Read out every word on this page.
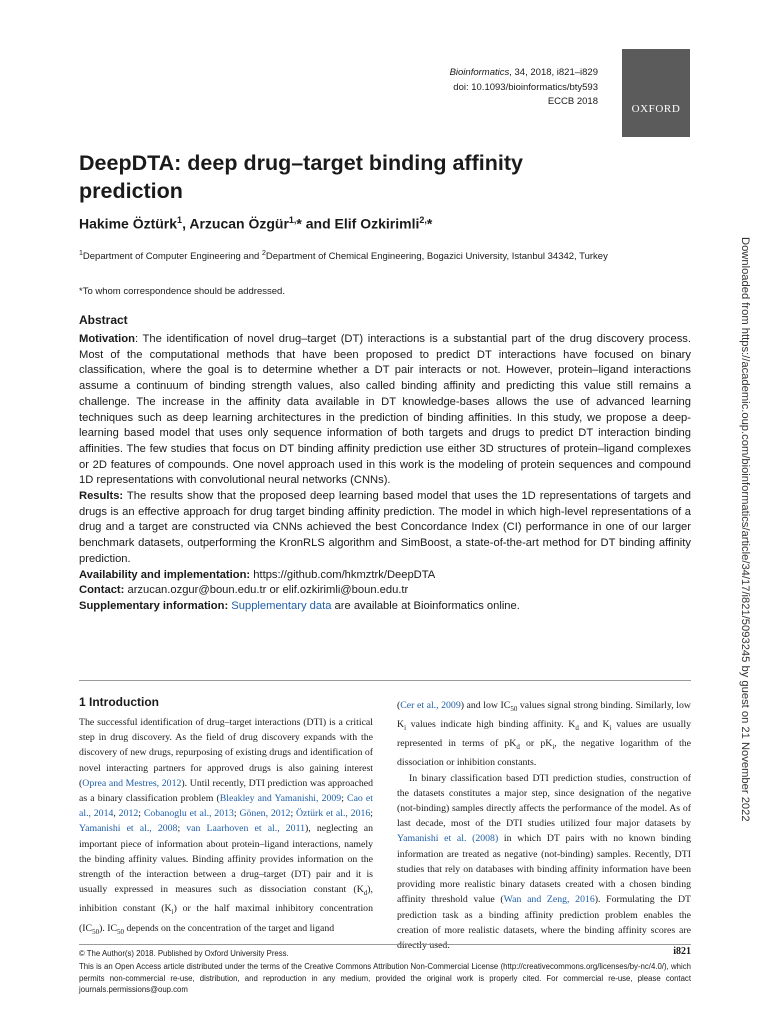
Bioinformatics, 34, 2018, i821–i829
doi: 10.1093/bioinformatics/bty593
ECCB 2018
OXFORD
DeepDTA: deep drug–target binding affinity prediction
Hakime Öztürk$^1$, Arzucan Özgür$^{1,}$* and Elif Ozkirimli$^{2,}$*
$^1$Department of Computer Engineering and $^2$Department of Chemical Engineering, Bogazici University, Istanbul 34342, Turkey
*To whom correspondence should be addressed.
Abstract

Motivation: The identification of novel drug–target (DT) interactions is a substantial part of the drug discovery process. Most of the computational methods that have been proposed to predict DT interactions have focused on binary classification, where the goal is to determine whether a DT pair interacts or not. However, protein–ligand interactions assume a continuum of binding strength values, also called binding affinity and predicting this value still remains a challenge. The increase in the affinity data available in DT knowledge-bases allows the use of advanced learning techniques such as deep learning architectures in the prediction of binding affinities. In this study, we propose a deep-learning based model that uses only sequence information of both targets and drugs to predict DT interaction binding affinities. The few studies that focus on DT binding affinity prediction use either 3D structures of protein–ligand complexes or 2D features of compounds. One novel approach used in this work is the modeling of protein sequences and compound 1D representations with convolutional neural networks (CNNs).

Results: The results show that the proposed deep learning based model that uses the 1D representations of targets and drugs is an effective approach for drug target binding affinity prediction. The model in which high-level representations of a drug and a target are constructed via CNNs achieved the best Concordance Index (CI) performance in one of our larger benchmark datasets, outperforming the KronRLS algorithm and SimBoost, a state-of-the-art method for DT binding affinity prediction.

Availability and implementation: https://github.com/hkmztrk/DeepDTA

Contact: arzucan.ozgur@boun.edu.tr or elif.ozkirimli@boun.edu.tr

Supplementary information: Supplementary data are available at Bioinformatics online.

1 Introduction

The successful identification of drug–target interactions (DTI) is a critical step in drug discovery. As the field of drug discovery expands with the discovery of new drugs, repurposing of existing drugs and identification of novel interacting partners for approved drugs is also gaining interest (Oprea and Mestres, 2012). Until recently, DTI prediction was approached as a binary classification problem (Bleakley and Yamanishi, 2009; Cao et al., 2014, 2012; Cobanoglu et al., 2013; Gönen, 2012; Öztürk et al., 2016; Yamanishi et al., 2008; van Laarhoven et al., 2011), neglecting an important piece of information about protein–ligand interactions, namely the binding affinity values. Binding affinity provides information on the strength of the interaction between a drug–target (DT) pair and it is usually expressed in measures such as dissociation constant $(K_d)$, inhibition constant $(K_i)$ or the half maximal inhibitory concentration $(IC_{50})$. $IC_{50}$ depends on the concentration of the target and ligand

(Cer et al., 2009) and low $IC_{50}$ values signal strong binding. Similarly, low $K_i$ values indicate high binding affinity. $K_d$ and $K_i$ values are usually represented in terms of $pK_d$ or $pK_i$, the negative logarithm of the dissociation or inhibition constants.

In binary classification based DTI prediction studies, construction of the datasets constitutes a major step, since designation of the negative (not-binding) samples directly affects the performance of the model. As of last decade, most of the DTI studies utilized four major datasets by Yamanishi et al. (2008) in which DT pairs with no known binding information are treated as negative (not-binding) samples. Recently, DTI studies that rely on databases with binding affinity information have been providing more realistic binary datasets created with a chosen binding affinity threshold value (Wan and Zeng, 2016). Formulating the DT prediction task as a binding affinity prediction problem enables the creation of more realistic datasets, where the binding affinity scores are directly used.

© The Author(s) 2018. Published by Oxford University Press.	i821
This is an Open Access article distributed under the terms of the Creative Commons Attribution Non-Commercial License (http://creativecommons.org/licenses/by-nc/4.0/), which permits non-commercial re-use, distribution, and reproduction in any medium, provided the original work is properly cited. For commercial re-use, please contact journals.permissions@oup.com
Downloaded from https://academic.oup.com/bioinformatics/article/34/17/i821/5093245 by guest on 21 November 2022
